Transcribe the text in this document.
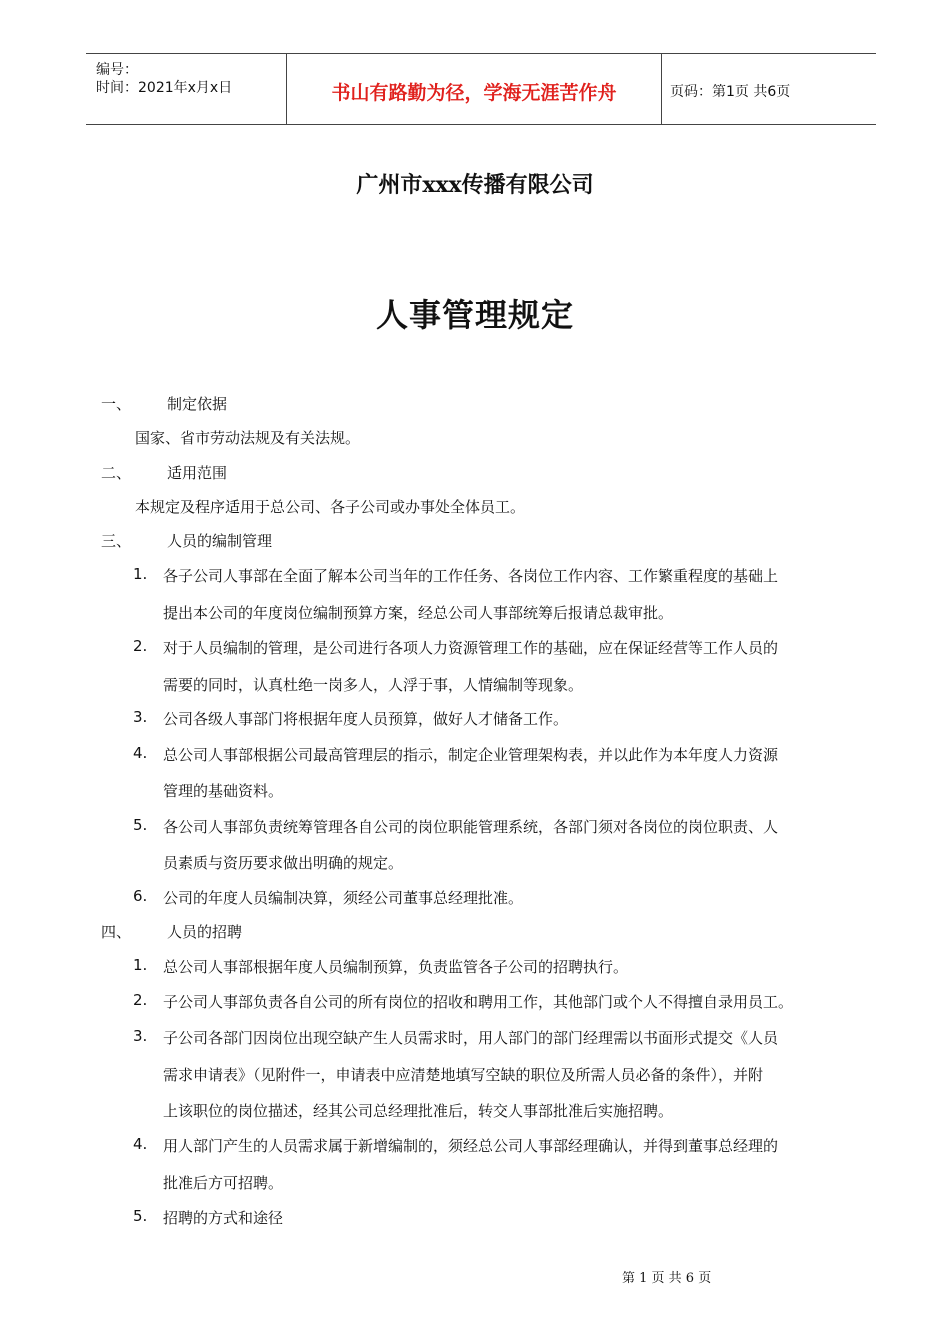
编号：
时间：2021年x月x日	书山有路勤为径，学海无涯苦作舟	页码：第1页 共6页
广州市xxx传播有限公司
人事管理规定
一、 制定依据
国家、省市劳动法规及有关法规。
二、 适用范围
本规定及程序适用于总公司、各子公司或办事处全体员工。
三、 人员的编制管理
1. 各子公司人事部在全面了解本公司当年的工作任务、各岗位工作内容、工作繁重程度的基础上
提出本公司的年度岗位编制预算方案，经总公司人事部统筹后报请总裁审批。
2. 对于人员编制的管理，是公司进行各项人力资源管理工作的基础，应在保证经营等工作人员的
需要的同时，认真杜绝一岗多人，人浮于事，人情编制等现象。
3. 公司各级人事部门将根据年度人员预算，做好人才储备工作。
4. 总公司人事部根据公司最高管理层的指示，制定企业管理架构表，并以此作为本年度人力资源
管理的基础资料。
5. 各公司人事部负责统筹管理各自公司的岗位职能管理系统，各部门须对各岗位的岗位职责、人
员素质与资历要求做出明确的规定。
6. 公司的年度人员编制决算，须经公司董事总经理批准。
四、 人员的招聘
1. 总公司人事部根据年度人员编制预算，负责监管各子公司的招聘执行。
2. 子公司人事部负责各自公司的所有岗位的招收和聘用工作，其他部门或个人不得擅自录用员工。
3. 子公司各部门因岗位出现空缺产生人员需求时，用人部门的部门经理需以书面形式提交《人员
需求申请表》（见附件一，申请表中应清楚地填写空缺的职位及所需人员必备的条件），并附
上该职位的岗位描述，经其公司总经理批准后，转交人事部批准后实施招聘。
4. 用人部门产生的人员需求属于新增编制的，须经总公司人事部经理确认，并得到董事总经理的
批准后方可招聘。
5. 招聘的方式和途径
第 1 页 共 6 页
